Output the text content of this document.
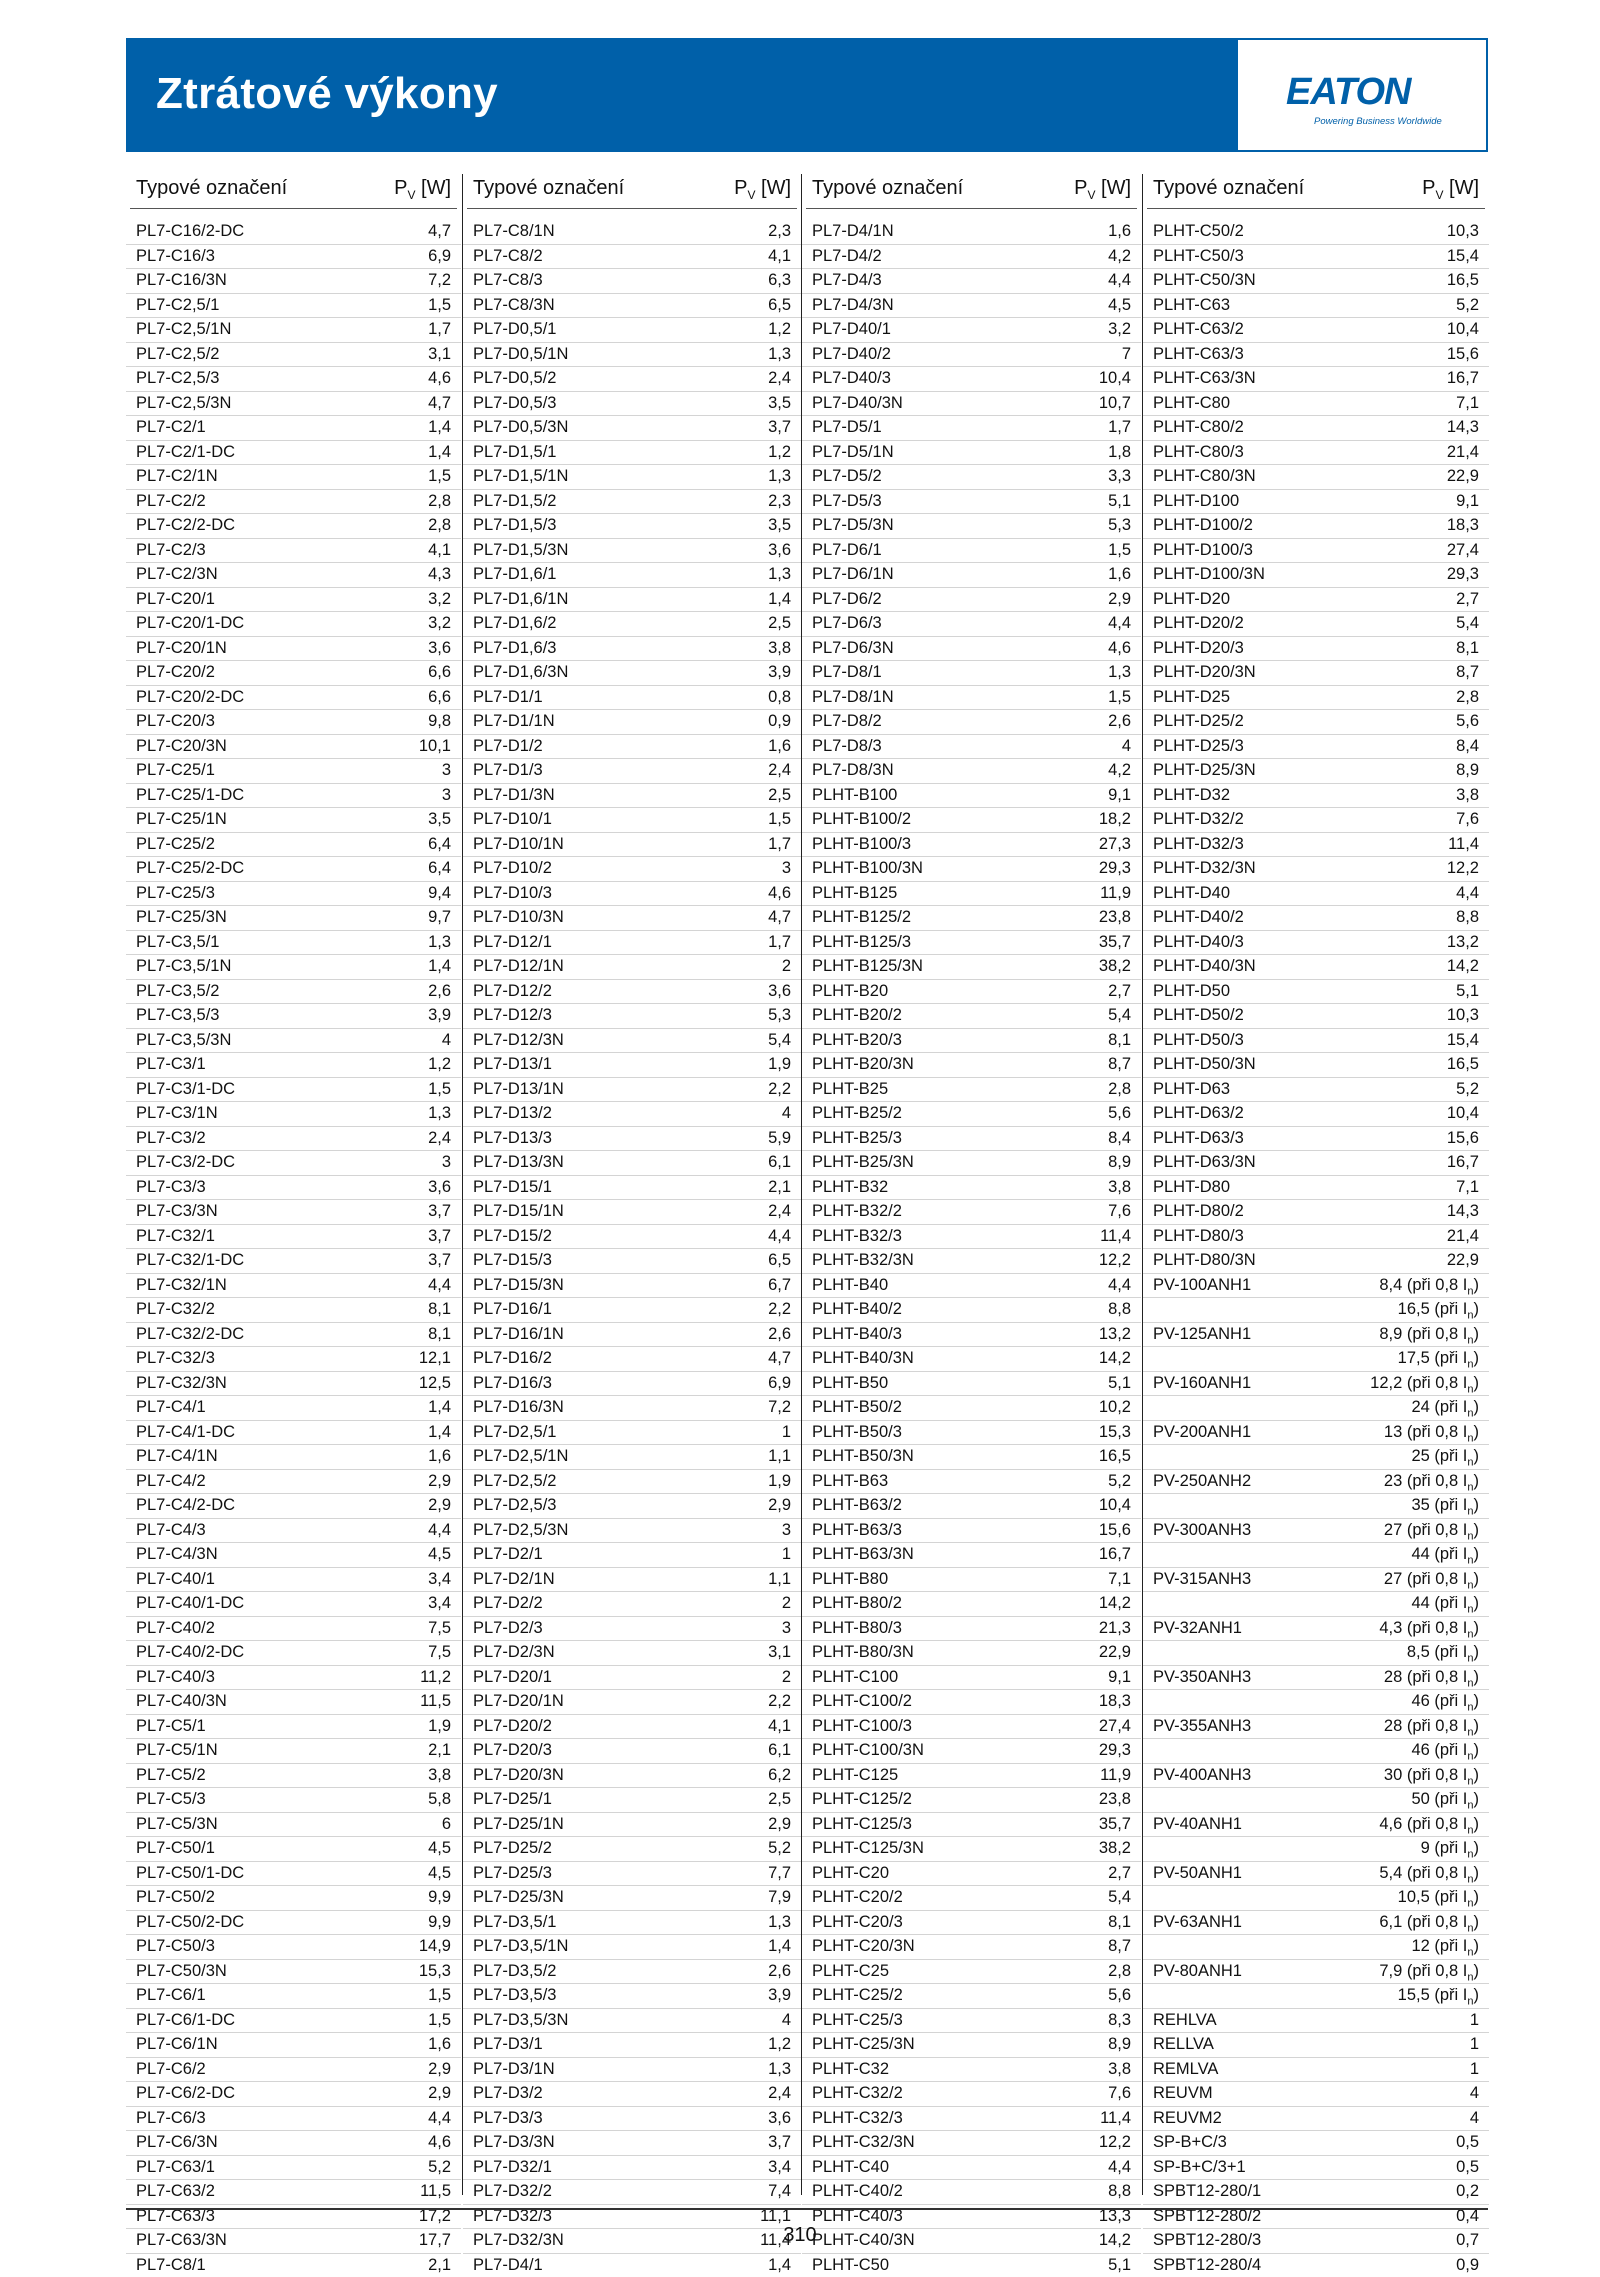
Ztrátové výkony	EATON
Powering Business Worldwide
Typové označení	$P_V$ [W]
PL7-C16/2-DC	4,7
PL7-C16/3	6,9
PL7-C16/3N	7,2
PL7-C2,5/1	1,5
PL7-C2,5/1N	1,7
PL7-C2,5/2	3,1
PL7-C2,5/3	4,6
PL7-C2,5/3N	4,7
PL7-C2/1	1,4
PL7-C2/1-DC	1,4
PL7-C2/1N	1,5
PL7-C2/2	2,8
PL7-C2/2-DC	2,8
PL7-C2/3	4,1
PL7-C2/3N	4,3
PL7-C20/1	3,2
PL7-C20/1-DC	3,2
PL7-C20/1N	3,6
PL7-C20/2	6,6
PL7-C20/2-DC	6,6
PL7-C20/3	9,8
PL7-C20/3N	10,1
PL7-C25/1	3
PL7-C25/1-DC	3
PL7-C25/1N	3,5
PL7-C25/2	6,4
PL7-C25/2-DC	6,4
PL7-C25/3	9,4
PL7-C25/3N	9,7
PL7-C3,5/1	1,3
PL7-C3,5/1N	1,4
PL7-C3,5/2	2,6
PL7-C3,5/3	3,9
PL7-C3,5/3N	4
PL7-C3/1	1,2
PL7-C3/1-DC	1,5
PL7-C3/1N	1,3
PL7-C3/2	2,4
PL7-C3/2-DC	3
PL7-C3/3	3,6
PL7-C3/3N	3,7
PL7-C32/1	3,7
PL7-C32/1-DC	3,7
PL7-C32/1N	4,4
PL7-C32/2	8,1
PL7-C32/2-DC	8,1
PL7-C32/3	12,1
PL7-C32/3N	12,5
PL7-C4/1	1,4
PL7-C4/1-DC	1,4
PL7-C4/1N	1,6
PL7-C4/2	2,9
PL7-C4/2-DC	2,9
PL7-C4/3	4,4
PL7-C4/3N	4,5
PL7-C40/1	3,4
PL7-C40/1-DC	3,4
PL7-C40/2	7,5
PL7-C40/2-DC	7,5
PL7-C40/3	11,2
PL7-C40/3N	11,5
PL7-C5/1	1,9
PL7-C5/1N	2,1
PL7-C5/2	3,8
PL7-C5/3	5,8
PL7-C5/3N	6
PL7-C50/1	4,5
PL7-C50/1-DC	4,5
PL7-C50/2	9,9
PL7-C50/2-DC	9,9
PL7-C50/3	14,9
PL7-C50/3N	15,3
PL7-C6/1	1,5
PL7-C6/1-DC	1,5
PL7-C6/1N	1,6
PL7-C6/2	2,9
PL7-C6/2-DC	2,9
PL7-C6/3	4,4
PL7-C6/3N	4,6
PL7-C63/1	5,2
PL7-C63/2	11,5
PL7-C63/3	17,2
PL7-C63/3N	17,7
PL7-C8/1	2,1
Typové označení	$P_V$ [W]
PL7-C8/1N	2,3
PL7-C8/2	4,1
PL7-C8/3	6,3
PL7-C8/3N	6,5
PL7-D0,5/1	1,2
PL7-D0,5/1N	1,3
PL7-D0,5/2	2,4
PL7-D0,5/3	3,5
PL7-D0,5/3N	3,7
PL7-D1,5/1	1,2
PL7-D1,5/1N	1,3
PL7-D1,5/2	2,3
PL7-D1,5/3	3,5
PL7-D1,5/3N	3,6
PL7-D1,6/1	1,3
PL7-D1,6/1N	1,4
PL7-D1,6/2	2,5
PL7-D1,6/3	3,8
PL7-D1,6/3N	3,9
PL7-D1/1	0,8
PL7-D1/1N	0,9
PL7-D1/2	1,6
PL7-D1/3	2,4
PL7-D1/3N	2,5
PL7-D10/1	1,5
PL7-D10/1N	1,7
PL7-D10/2	3
PL7-D10/3	4,6
PL7-D10/3N	4,7
PL7-D12/1	1,7
PL7-D12/1N	2
PL7-D12/2	3,6
PL7-D12/3	5,3
PL7-D12/3N	5,4
PL7-D13/1	1,9
PL7-D13/1N	2,2
PL7-D13/2	4
PL7-D13/3	5,9
PL7-D13/3N	6,1
PL7-D15/1	2,1
PL7-D15/1N	2,4
PL7-D15/2	4,4
PL7-D15/3	6,5
PL7-D15/3N	6,7
PL7-D16/1	2,2
PL7-D16/1N	2,6
PL7-D16/2	4,7
PL7-D16/3	6,9
PL7-D16/3N	7,2
PL7-D2,5/1	1
PL7-D2,5/1N	1,1
PL7-D2,5/2	1,9
PL7-D2,5/3	2,9
PL7-D2,5/3N	3
PL7-D2/1	1
PL7-D2/1N	1,1
PL7-D2/2	2
PL7-D2/3	3
PL7-D2/3N	3,1
PL7-D20/1	2
PL7-D20/1N	2,2
PL7-D20/2	4,1
PL7-D20/3	6,1
PL7-D20/3N	6,2
PL7-D25/1	2,5
PL7-D25/1N	2,9
PL7-D25/2	5,2
PL7-D25/3	7,7
PL7-D25/3N	7,9
PL7-D3,5/1	1,3
PL7-D3,5/1N	1,4
PL7-D3,5/2	2,6
PL7-D3,5/3	3,9
PL7-D3,5/3N	4
PL7-D3/1	1,2
PL7-D3/1N	1,3
PL7-D3/2	2,4
PL7-D3/3	3,6
PL7-D3/3N	3,7
PL7-D32/1	3,4
PL7-D32/2	7,4
PL7-D32/3	11,1
PL7-D32/3N	11,4
PL7-D4/1	1,4
Typové označení	$P_V$ [W]
PL7-D4/1N	1,6
PL7-D4/2	4,2
PL7-D4/3	4,4
PL7-D4/3N	4,5
PL7-D40/1	3,2
PL7-D40/2	7
PL7-D40/3	10,4
PL7-D40/3N	10,7
PL7-D5/1	1,7
PL7-D5/1N	1,8
PL7-D5/2	3,3
PL7-D5/3	5,1
PL7-D5/3N	5,3
PL7-D6/1	1,5
PL7-D6/1N	1,6
PL7-D6/2	2,9
PL7-D6/3	4,4
PL7-D6/3N	4,6
PL7-D8/1	1,3
PL7-D8/1N	1,5
PL7-D8/2	2,6
PL7-D8/3	4
PL7-D8/3N	4,2
PLHT-B100	9,1
PLHT-B100/2	18,2
PLHT-B100/3	27,3
PLHT-B100/3N	29,3
PLHT-B125	11,9
PLHT-B125/2	23,8
PLHT-B125/3	35,7
PLHT-B125/3N	38,2
PLHT-B20	2,7
PLHT-B20/2	5,4
PLHT-B20/3	8,1
PLHT-B20/3N	8,7
PLHT-B25	2,8
PLHT-B25/2	5,6
PLHT-B25/3	8,4
PLHT-B25/3N	8,9
PLHT-B32	3,8
PLHT-B32/2	7,6
PLHT-B32/3	11,4
PLHT-B32/3N	12,2
PLHT-B40	4,4
PLHT-B40/2	8,8
PLHT-B40/3	13,2
PLHT-B40/3N	14,2
PLHT-B50	5,1
PLHT-B50/2	10,2
PLHT-B50/3	15,3
PLHT-B50/3N	16,5
PLHT-B63	5,2
PLHT-B63/2	10,4
PLHT-B63/3	15,6
PLHT-B63/3N	16,7
PLHT-B80	7,1
PLHT-B80/2	14,2
PLHT-B80/3	21,3
PLHT-B80/3N	22,9
PLHT-C100	9,1
PLHT-C100/2	18,3
PLHT-C100/3	27,4
PLHT-C100/3N	29,3
PLHT-C125	11,9
PLHT-C125/2	23,8
PLHT-C125/3	35,7
PLHT-C125/3N	38,2
PLHT-C20	2,7
PLHT-C20/2	5,4
PLHT-C20/3	8,1
PLHT-C20/3N	8,7
PLHT-C25	2,8
PLHT-C25/2	5,6
PLHT-C25/3	8,3
PLHT-C25/3N	8,9
PLHT-C32	3,8
PLHT-C32/2	7,6
PLHT-C32/3	11,4
PLHT-C32/3N	12,2
PLHT-C40	4,4
PLHT-C40/2	8,8
PLHT-C40/3	13,3
PLHT-C40/3N	14,2
PLHT-C50	5,1
Typové označení	$P_V$ [W]
PLHT-C50/2	10,3
PLHT-C50/3	15,4
PLHT-C50/3N	16,5
PLHT-C63	5,2
PLHT-C63/2	10,4
PLHT-C63/3	15,6
PLHT-C63/3N	16,7
PLHT-C80	7,1
PLHT-C80/2	14,3
PLHT-C80/3	21,4
PLHT-C80/3N	22,9
PLHT-D100	9,1
PLHT-D100/2	18,3
PLHT-D100/3	27,4
PLHT-D100/3N	29,3
PLHT-D20	2,7
PLHT-D20/2	5,4
PLHT-D20/3	8,1
PLHT-D20/3N	8,7
PLHT-D25	2,8
PLHT-D25/2	5,6
PLHT-D25/3	8,4
PLHT-D25/3N	8,9
PLHT-D32	3,8
PLHT-D32/2	7,6
PLHT-D32/3	11,4
PLHT-D32/3N	12,2
PLHT-D40	4,4
PLHT-D40/2	8,8
PLHT-D40/3	13,2
PLHT-D40/3N	14,2
PLHT-D50	5,1
PLHT-D50/2	10,3
PLHT-D50/3	15,4
PLHT-D50/3N	16,5
PLHT-D63	5,2
PLHT-D63/2	10,4
PLHT-D63/3	15,6
PLHT-D63/3N	16,7
PLHT-D80	7,1
PLHT-D80/2	14,3
PLHT-D80/3	21,4
PLHT-D80/3N	22,9
PV-100ANH1	8,4 (při 0,8 $I_n$)
16,5 (při $I_n$)
PV-125ANH1	8,9 (při 0,8 $I_n$)
17,5 (při $I_n$)
PV-160ANH1	12,2 (při 0,8 $I_n$)
24 (při $I_n$)
PV-200ANH1	13 (při 0,8 $I_n$)
25 (při $I_n$)
PV-250ANH2	23 (při 0,8 $I_n$)
35 (při $I_n$)
PV-300ANH3	27 (při 0,8 $I_n$)
44 (při $I_n$)
PV-315ANH3	27 (při 0,8 $I_n$)
44 (při $I_n$)
PV-32ANH1	4,3 (při 0,8 $I_n$)
8,5 (při $I_n$)
PV-350ANH3	28 (při 0,8 $I_n$)
46 (při $I_n$)
PV-355ANH3	28 (při 0,8 $I_n$)
46 (při $I_n$)
PV-400ANH3	30 (při 0,8 $I_n$)
50 (při $I_n$)
PV-40ANH1	4,6 (při 0,8 $I_n$)
9 (při $I_n$)
PV-50ANH1	5,4 (při 0,8 $I_n$)
10,5 (při $I_n$)
PV-63ANH1	6,1 (při 0,8 $I_n$)
12 (při $I_n$)
PV-80ANH1	7,9 (při 0,8 $I_n$)
15,5 (při $I_n$)
REHLVA	1
RELLVA	1
REMLVA	1
REUVM	4
REUVM2	4
SP-B+C/3	0,5
SP-B+C/3+1	0,5
SPBT12-280/1	0,2
SPBT12-280/2	0,4
SPBT12-280/3	0,7
SPBT12-280/4	0,9
310
